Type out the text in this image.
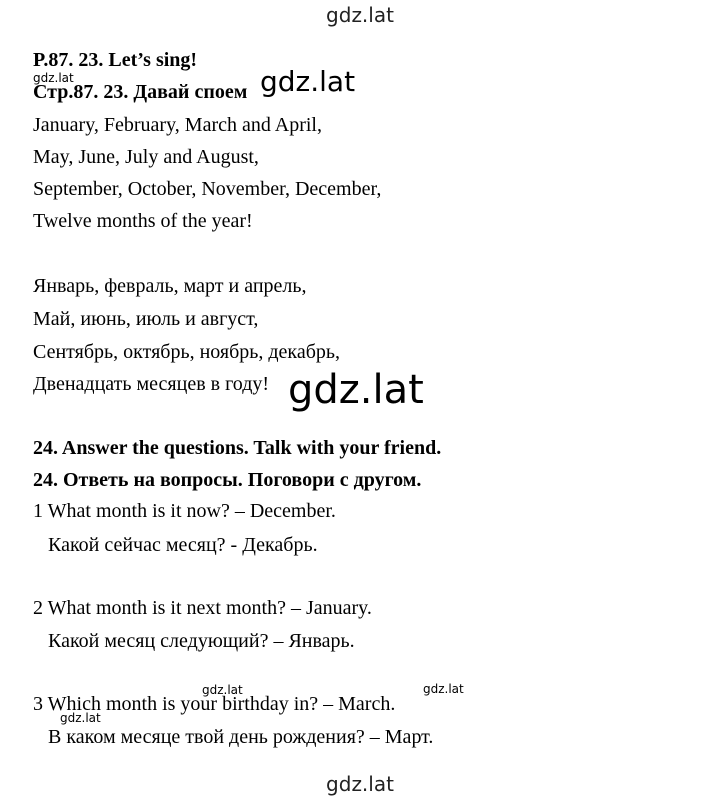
gdz.lat
P.87. 23. Let’s sing!
Стр.87. 23. Давай споем
January, February, March and April,
May, June, July and August,
September, October, November, December,
Twelve months of the year!
Январь, февраль, март и апрель,
Май, июнь, июль и август,
Сентябрь, октябрь, ноябрь, декабрь,
Двенадцать месяцев в году!
24. Answer the questions. Talk with your friend.
24. Ответь на вопросы. Поговори с другом.
1 What month is it now? – December.
Какой сейчас месяц? - Декабрь.
2 What month is it next month? – January.
Какой месяц следующий? – Январь.
3 Which month is your birthday in? – March.
В каком месяце твой день рождения? – Март.
gdz.lat
gdz.lat
gdz.lat
gdz.lat	gdz.lat
gdz.lat
gdz.lat
